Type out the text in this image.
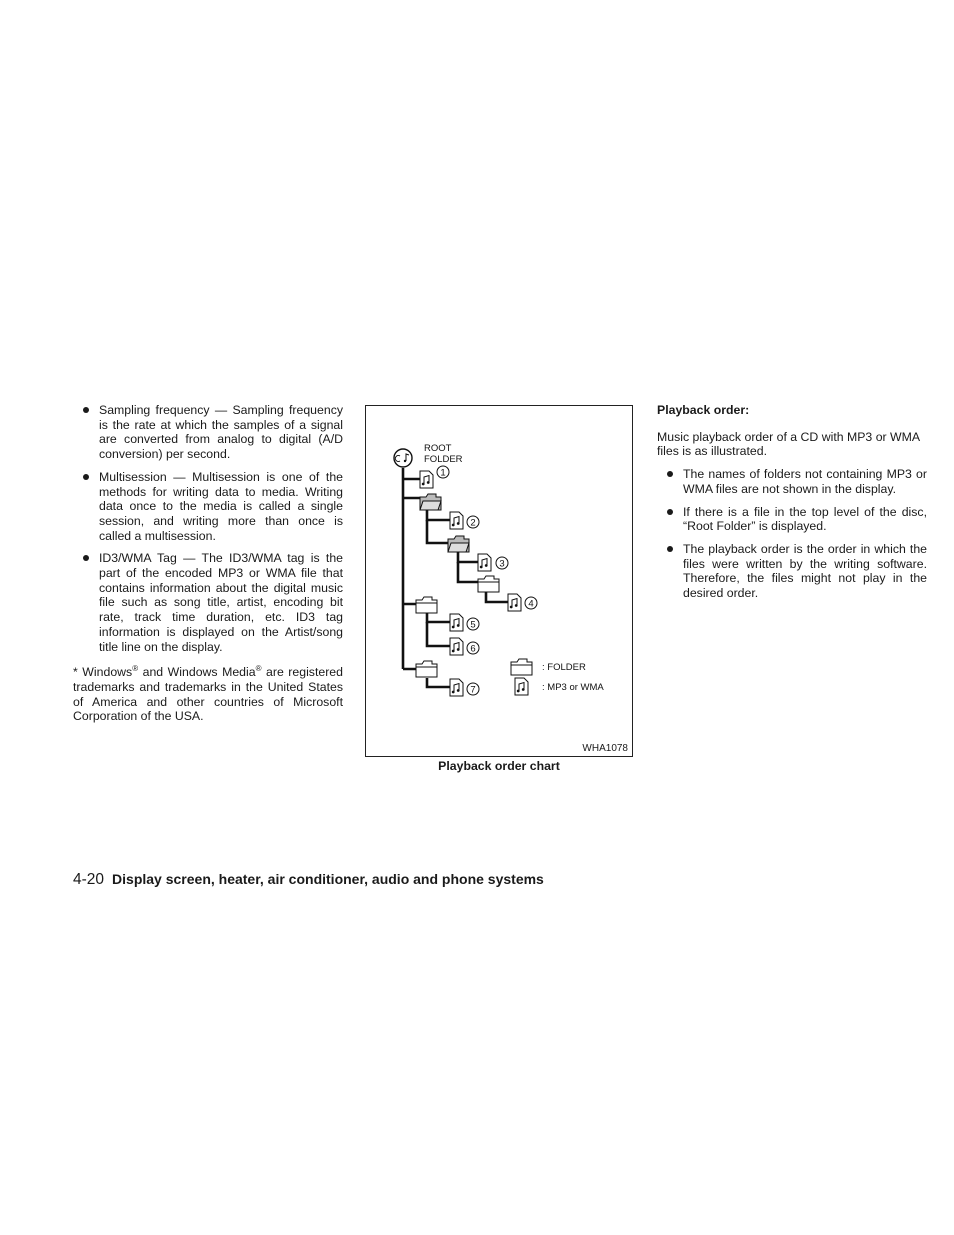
Sampling frequency — Sampling frequency is the rate at which the samples of a signal are converted from analog to digital (A/D conversion) per second.
Multisession — Multisession is one of the methods for writing data to media. Writing data once to the media is called a single session, and writing more than once is called a multisession.
ID3/WMA Tag — The ID3/WMA tag is the part of the encoded MP3 or WMA file that contains information about the digital music file such as song title, artist, encoding bit rate, track time duration, etc. ID3 tag information is displayed on the Artist/song title line on the display.

* Windows® and Windows Media® are registered trademarks and trademarks in the United States of America and other countries of Microsoft Corporation of the USA.

ROOT
FOLDER
1
2
3
4
5
6
7
: FOLDER
: MP3 or WMA
WHA1078
Playback order chart

Playback order:

Music playback order of a CD with MP3 or WMA files is as illustrated.

The names of folders not containing MP3 or WMA files are not shown in the display.
If there is a file in the top level of the disc, “Root Folder” is displayed.
The playback order is the order in which the files were written by the writing software. Therefore, the files might not play in the desired order.
4-20 Display screen, heater, air conditioner, audio and phone systems
